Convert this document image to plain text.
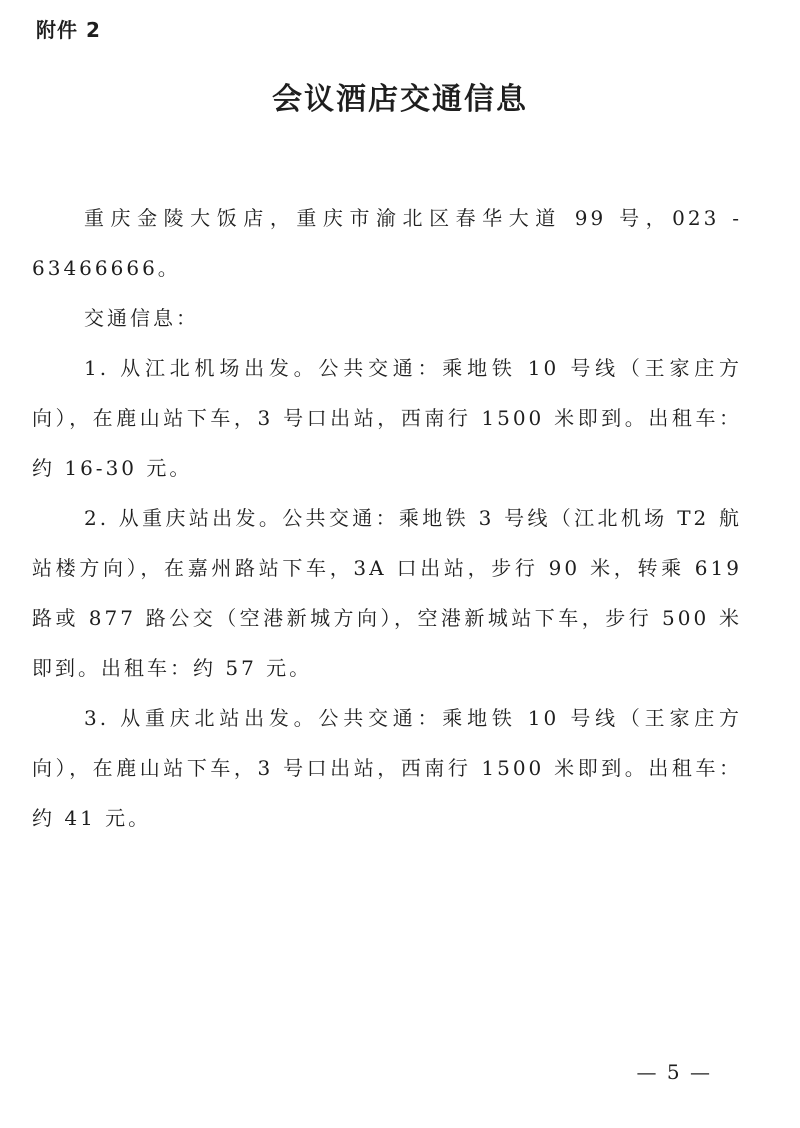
附件 2
会议酒店交通信息

重庆金陵大饭店，重庆市渝北区春华大道 99 号，023 - 63466666。

交通信息：

1. 从江北机场出发。公共交通：乘地铁 10 号线（王家庄方向），在鹿山站下车，3 号口出站，西南行 1500 米即到。出租车：约 16-30 元。

2. 从重庆站出发。公共交通：乘地铁 3 号线（江北机场 T2 航站楼方向），在嘉州路站下车，3A 口出站，步行 90 米，转乘 619 路或 877 路公交（空港新城方向），空港新城站下车，步行 500 米即到。出租车：约 57 元。

3. 从重庆北站出发。公共交通：乘地铁 10 号线（王家庄方向），在鹿山站下车，3 号口出站，西南行 1500 米即到。出租车：约 41 元。

— 5 —
